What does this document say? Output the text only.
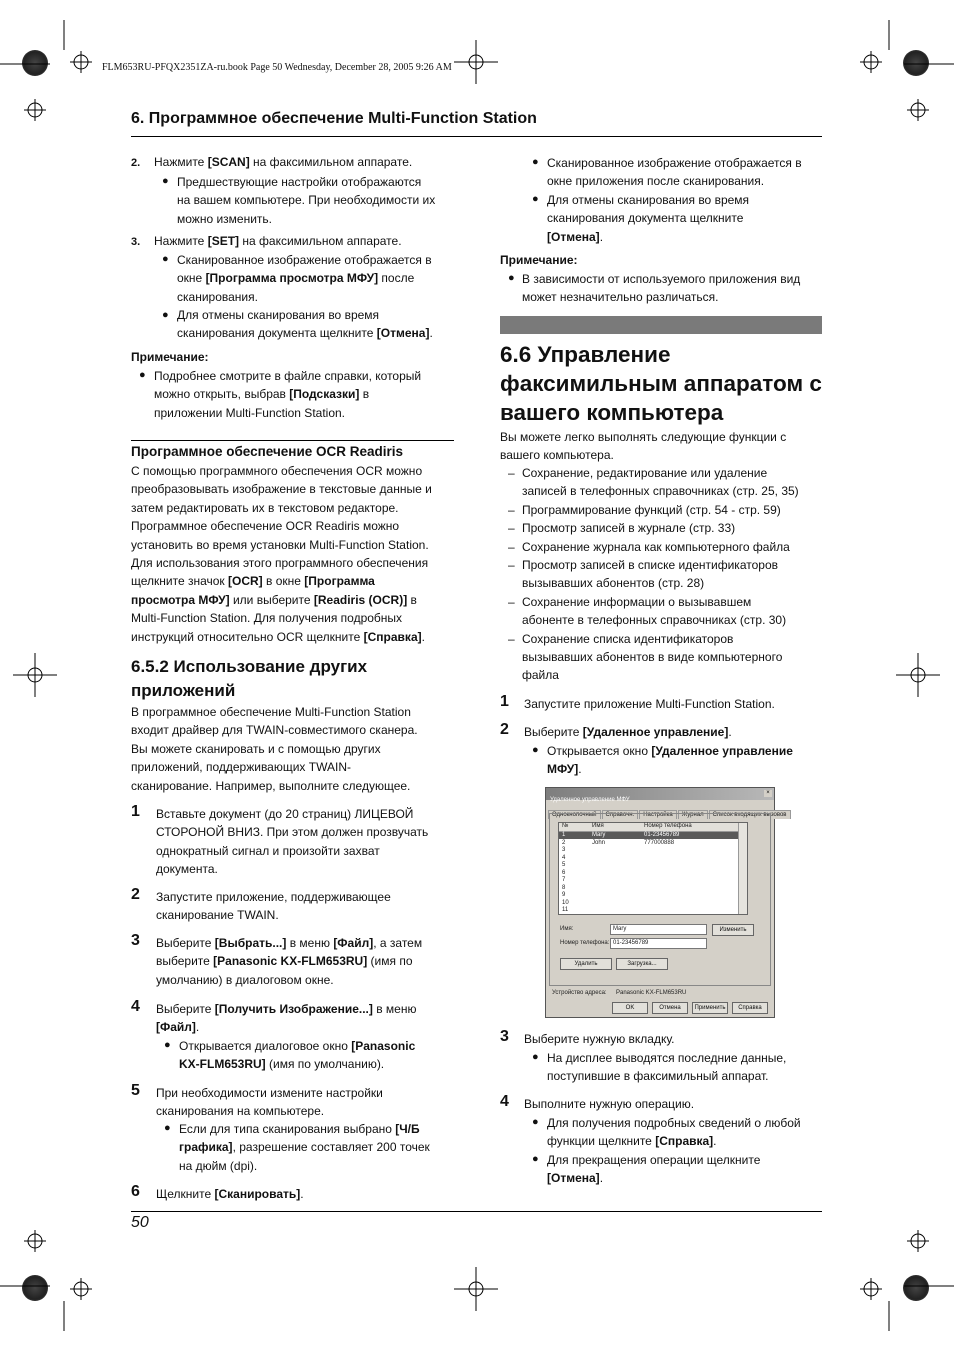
FLM653RU-PFQX2351ZA-ru.book Page 50 Wednesday, December 28, 2005 9:26 AM
6. Программное обеспечение Multi-Function Station
2. Нажмите [SCAN] на факсимильном аппарате.
● Предшествующие настройки отображаются
на вашем компьютере. При необходимости их
можно изменить.
3. Нажмите [SET] на факсимильном аппарате.
● Сканированное изображение отображается в
окне [Программа просмотра МФУ] после
сканирования.
● Для отмены сканирования во время
сканирования документа щелкните [Отмена].
Примечание:
● Подробнее смотрите в файле справки, который
можно открыть, выбрав [Подсказки] в
приложении Multi-Function Station.
Программное обеспечение OCR Readiris
С помощью программного обеспечения OCR можно
преобразовывать изображение в текстовые данные и
затем редактировать их в текстовом редакторе.
Программное обеспечение OCR Readiris можно
установить во время установки Multi-Function Station.
Для использования этого программного обеспечения
щелкните значок [OCR] в окне [Программа
просмотра МФУ] или выберите [Readiris (OCR)] в
Multi-Function Station. Для получения подробных
инструкций относительно OCR щелкните [Справка].
6.5.2 Использование других
приложений
В программное обеспечение Multi-Function Station
входит драйвер для TWAIN-совместимого сканера.
Вы можете сканировать и с помощью других
приложений, поддерживающих TWAIN-
сканирование. Например, выполните следующее.
1 Вставьте документ (до 20 страниц) ЛИЦЕВОЙ
СТОРОНОЙ ВНИЗ. При этом должен прозвучать
однократный сигнал и произойти захват
документа.
2 Запустите приложение, поддерживающее
сканирование TWAIN.
3 Выберите [Выбрать...] в меню [Файл], а затем
выберите [Panasonic KX-FLM653RU] (имя по
умолчанию) в диалоговом окне.
4 Выберите [Получить Изображение...] в меню
[Файл].
● Открывается диалоговое окно [Panasonic
KX-FLM653RU] (имя по умолчанию).
5 При необходимости измените настройки
сканирования на компьютере.
● Если для типа сканирования выбрано [Ч/Б
графика], разрешение составляет 200 точек
на дюйм (dpi).
6 Щелкните [Сканировать].
● Сканированное изображение отображается в
окне приложения после сканирования.
● Для отмены сканирования во время
сканирования документа щелкните
[Отмена].
Примечание:
● В зависимости от используемого приложения вид
может незначительно различаться.
6.6 Управление
факсимильным аппаратом с
вашего компьютера
Вы можете легко выполнять следующие функции с
вашего компьютера.
– Сохранение, редактирование или удаление
записей в телефонных справочниках (стр. 25, 35)
– Программирование функций (стр. 54 - стр. 59)
– Просмотр записей в журнале (стр. 33)
– Сохранение журнала как компьютерного файла
– Просмотр записей в списке идентификаторов
вызывавших абонентов (стр. 28)
– Сохранение информации о вызывавшем
абоненте в телефонных справочниках (стр. 30)
– Сохранение списка идентификаторов
вызывавших абонентов в виде компьютерного
файла
1 Запустите приложение Multi-Function Station.
2 Выберите [Удаленное управление].
● Открывается окно [Удаленное управление
МФУ].
Удаленное управление МФУ
×
Однокнопочный Справочн. Настройка Журнал Список входящих вызовов
№	Имя	Номер телефона
1	Mary	01-23456789
2	John	777000888
3
4
5
6
7
8
9
10
11
Имя:	Mary
Номер телефона: 01-23456789
Изменить
Удалить	Загрузка...
Устройство адреса: Panasonic KX-FLM653RU
OK	Отмена	Применить	Справка
3 Выберите нужную вкладку.
● На дисплее выводятся последние данные,
поступившие в факсимильный аппарат.
4 Выполните нужную операцию.
● Для получения подробных сведений о любой
функции щелкните [Справка].
● Для прекращения операции щелкните
[Отмена].
50
